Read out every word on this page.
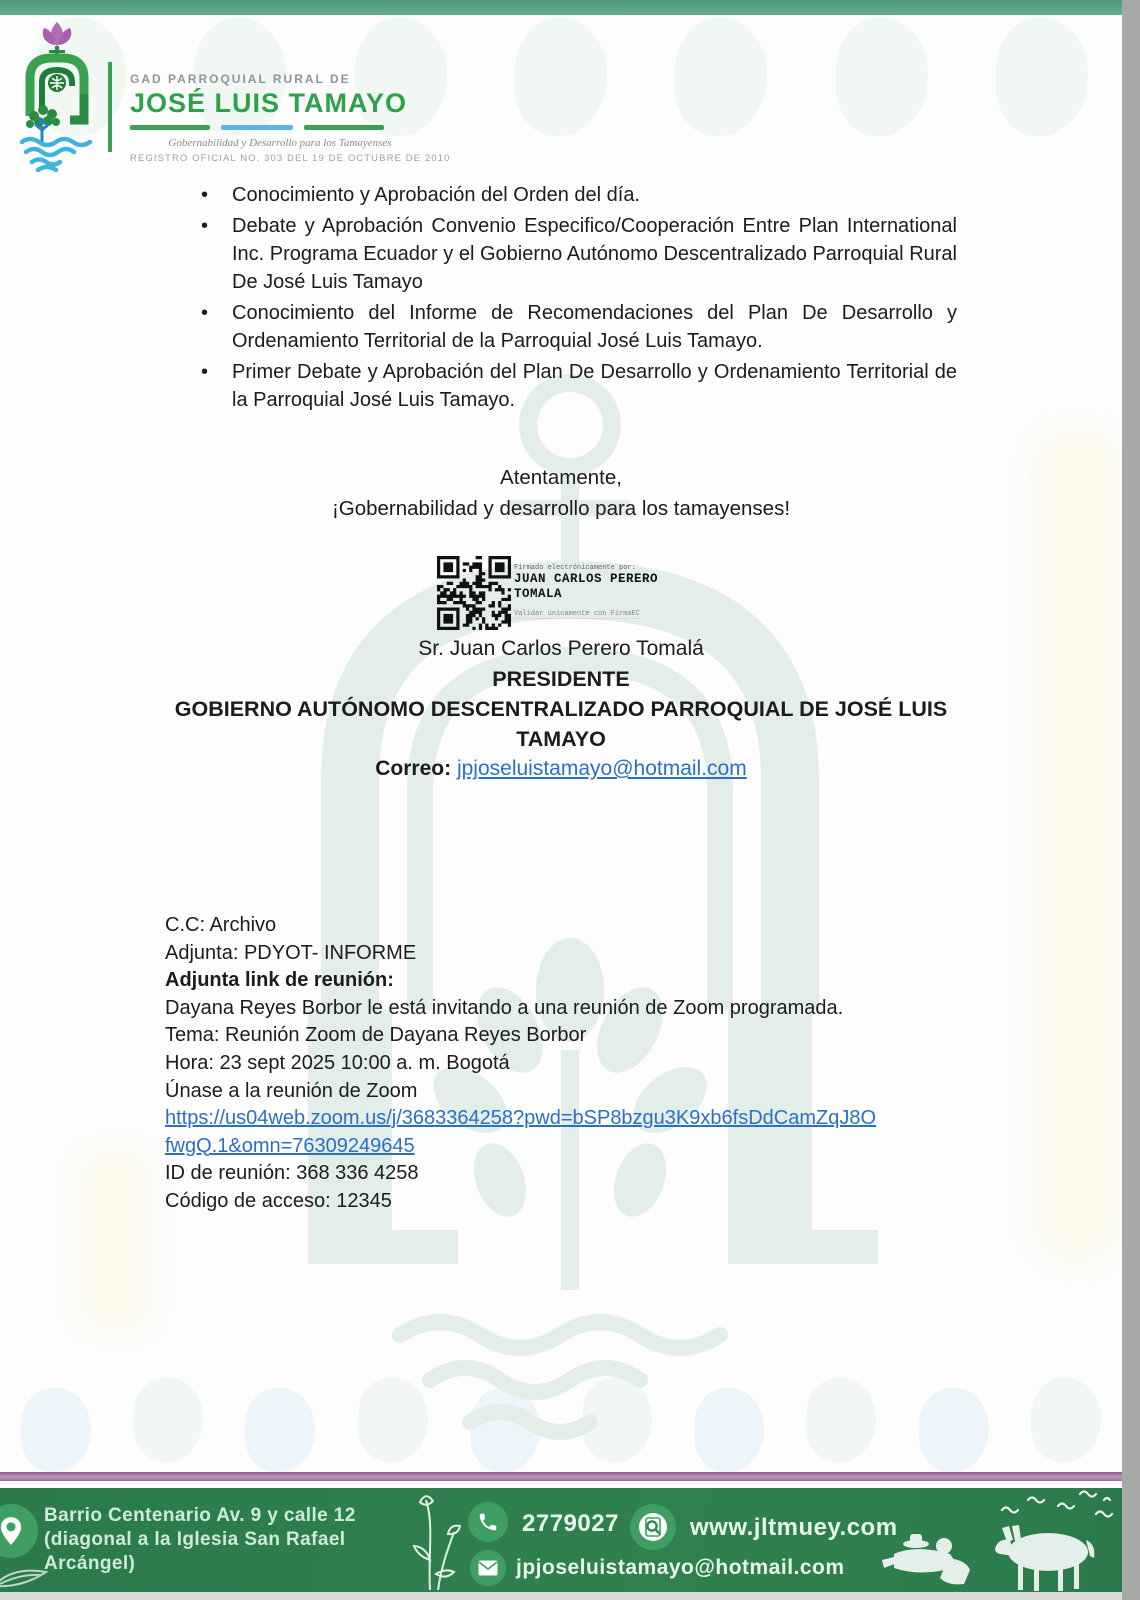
GAD PARROQUIAL RURAL DE
JOSÉ LUIS TAMAYO
Gobernabilidad y Desarrollo para los Tamayenses
REGISTRO OFICIAL NO. 303 DEL 19 DE OCTUBRE DE 2010
• Conocimiento y Aprobación del Orden del día.
• Debate y Aprobación Convenio Especifico/Cooperación Entre Plan International Inc. Programa Ecuador y el Gobierno Autónomo Descentralizado Parroquial Rural De José Luis Tamayo
• Conocimiento del Informe de Recomendaciones del Plan De Desarrollo y Ordenamiento Territorial de la Parroquial José Luis Tamayo.
• Primer Debate y Aprobación del Plan De Desarrollo y Ordenamiento Territorial de la Parroquial José Luis Tamayo.
Atentamente,
¡Gobernabilidad y desarrollo para los tamayenses!
Firmado electrónicamente por:
JUAN CARLOS PERERO
TOMALA
Validar únicamente con FirmaEC
Sr. Juan Carlos Perero Tomalá
PRESIDENTE
GOBIERNO AUTÓNOMO DESCENTRALIZADO PARROQUIAL DE JOSÉ LUIS
TAMAYO
Correo: jpjoseluistamayo@hotmail.com
C.C: Archivo
Adjunta: PDYOT- INFORME
Adjunta link de reunión:
Dayana Reyes Borbor le está invitando a una reunión de Zoom programada.
Tema: Reunión Zoom de Dayana Reyes Borbor
Hora: 23 sept 2025 10:00 a. m. Bogotá
Únase a la reunión de Zoom
https://us04web.zoom.us/j/3683364258?pwd=bSP8bzgu3K9xb6fsDdCamZqJ8O
fwgQ.1&omn=76309249645
ID de reunión: 368 336 4258
Código de acceso: 12345
Barrio Centenario Av. 9 y calle 12
(diagonal a la Iglesia San Rafael
Arcángel)
2779027
jpjoseluistamayo@hotmail.com
www.jltmuey.com
